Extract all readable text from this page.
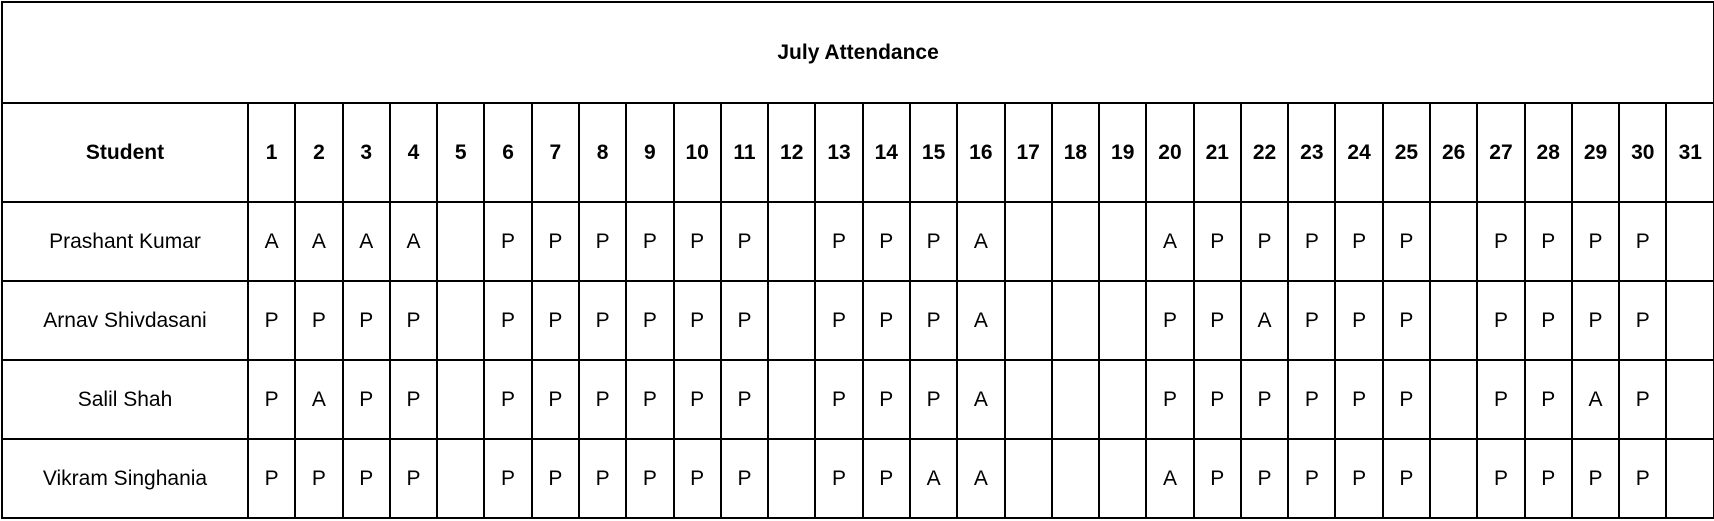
July Attendance																															
Student	1	2	3	4	5	6	7	8	9	10	11	12	13	14	15	16	17	18	19	20	21	22	23	24	25	26	27	28	29	30	31
Prashant Kumar	A	A	A	A		P	P	P	P	P	P		P	P	P	A				A	P	P	P	P	P		P	P	P	P	
Arnav Shivdasani	P	P	P	P		P	P	P	P	P	P		P	P	P	A				P	P	A	P	P	P		P	P	P	P	
Salil Shah	P	A	P	P		P	P	P	P	P	P		P	P	P	A				P	P	P	P	P	P		P	P	A	P	
Vikram Singhania	P	P	P	P		P	P	P	P	P	P		P	P	A	A				A	P	P	P	P	P		P	P	P	P	
